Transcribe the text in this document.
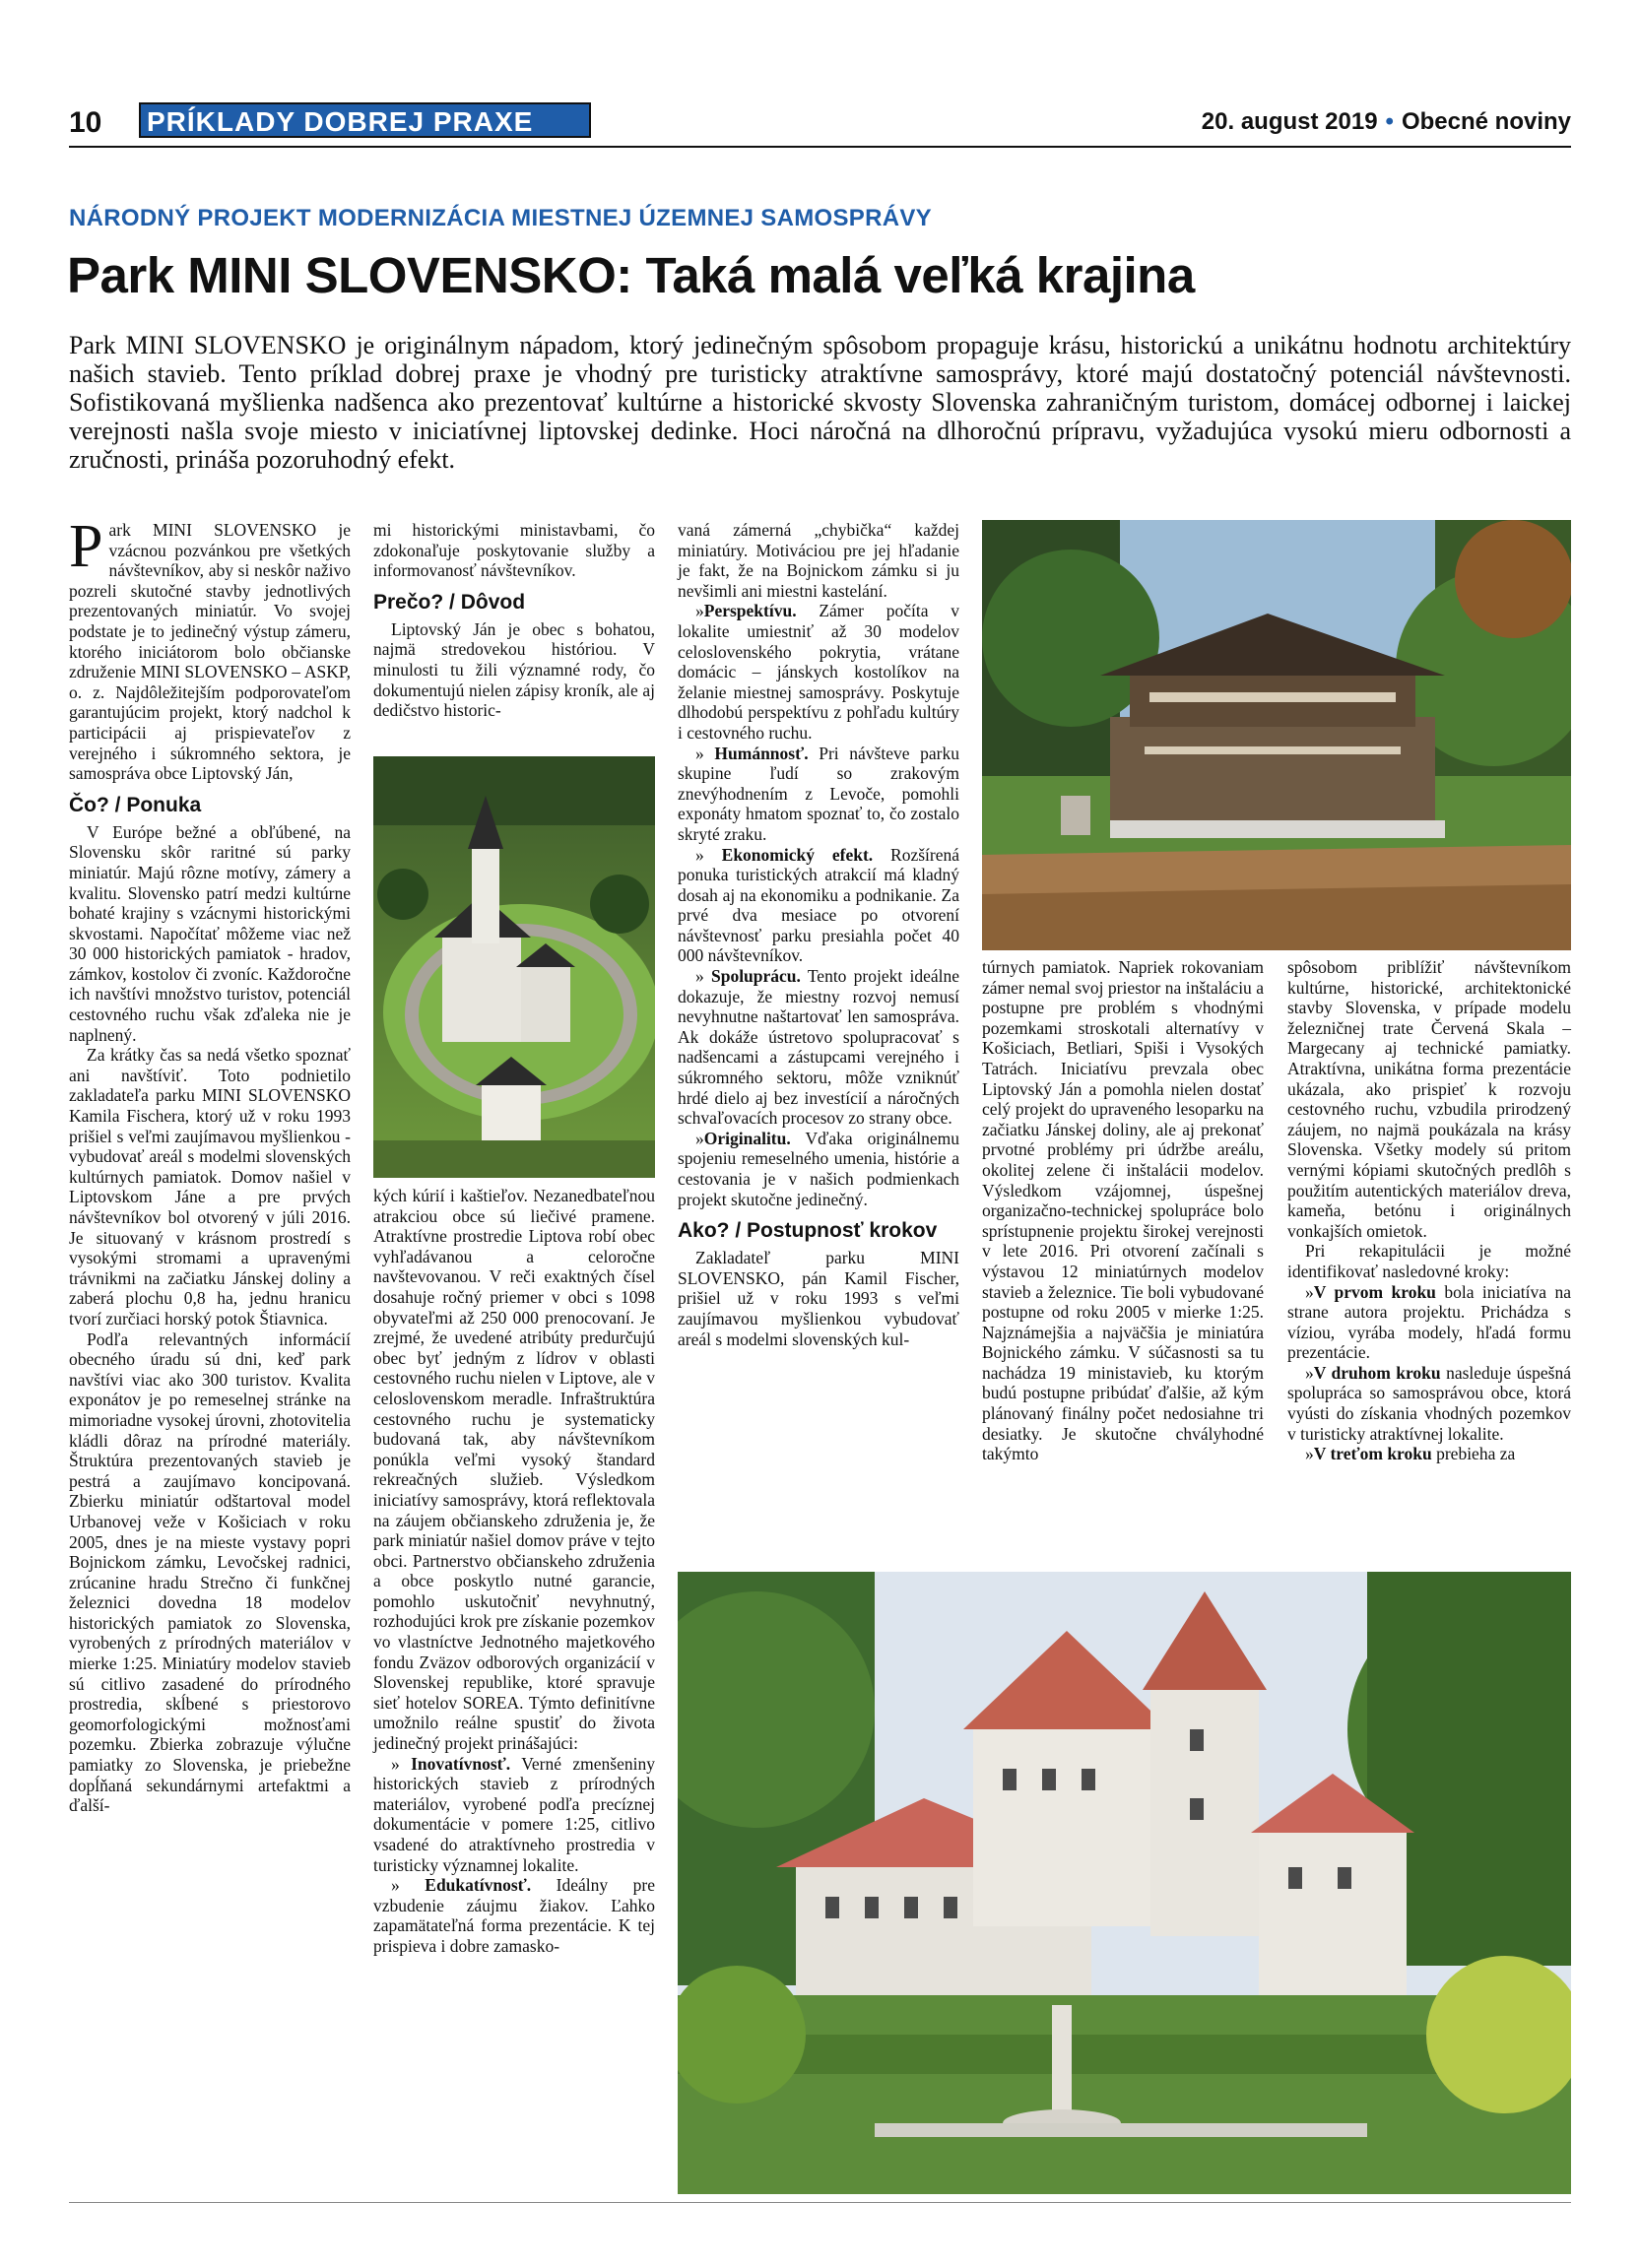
10 PRÍKLADY DOBREJ PRAXE	20. august 2019 • Obecné noviny
NÁRODNÝ PROJEKT MODERNIZÁCIA MIESTNEJ ÚZEMNEJ SAMOSPRÁVY
Park MINI SLOVENSKO: Taká malá veľká krajina
Park MINI SLOVENSKO je originálnym nápadom, ktorý jedinečným spôsobom propaguje krásu, historickú a unikátnu hodnotu architektúry našich stavieb. Tento príklad dobrej praxe je vhodný pre turisticky atraktívne samosprávy, ktoré majú dostatočný potenciál návštevnosti. Sofistikovaná myšlienka nadšenca ako prezentovať kultúrne a historické skvosty Slovenska zahraničným turistom, domácej odbornej i laickej verejnosti našla svoje miesto v iniciatívnej liptovskej dedinke. Hoci náročná na dlhoročnú prípravu, vyžadujúca vysokú mieru odbornosti a zručnosti, prináša pozoruhodný efekt.

Park MINI SLOVENSKO je vzácnou pozvánkou pre všetkých návštevníkov, aby si neskôr naživo pozreli skutočné stavby jednotlivých prezentovaných miniatúr. Vo svojej podstate je to jedinečný výstup zámeru, ktorého iniciátorom bolo občianske združenie MINI SLOVENSKO – ASKP, o. z. Najdôležitejším podporovateľom garantujúcim projekt, ktorý nadchol k participácii aj prispievateľov z verejného i súkromného sektora, je samospráva obce Liptovský Ján,

Čo? / Ponuka

V Európe bežné a obľúbené, na Slovensku skôr raritné sú parky miniatúr. Majú rôzne motívy, zámery a kvalitu. Slovensko patrí medzi kultúrne bohaté krajiny s vzácnymi historickými skvostami. Napočítať môžeme viac než 30 000 historických pamiatok - hradov, zámkov, kostolov či zvoníc. Každoročne ich navštívi množstvo turistov, potenciál cestovného ruchu však zďaleka nie je naplnený.

Za krátky čas sa nedá všetko spoznať ani navštíviť. Toto podnietilo zakladateľa parku MINI SLOVENSKO Kamila Fischera, ktorý už v roku 1993 prišiel s veľmi zaujímavou myšlienkou - vybudovať areál s modelmi slovenských kultúrnych pamiatok. Domov našiel v Liptovskom Jáne a pre prvých návštevníkov bol otvorený v júli 2016. Je situovaný v krásnom prostredí s vysokými stromami a upravenými trávnikmi na začiatku Jánskej doliny a zaberá plochu 0,8 ha, jednu hranicu tvorí zurčiaci horský potok Štiavnica.

Podľa relevantných informácií obecného úradu sú dni, keď park navštívi viac ako 300 turistov. Kvalita exponátov je po remeselnej stránke na mimoriadne vysokej úrovni, zhotovitelia kládli dôraz na prírodné materiály. Štruktúra prezentovaných stavieb je pestrá a zaujímavo koncipovaná. Zbierku miniatúr odštartoval model Urbanovej veže v Košiciach v roku 2005, dnes je na mieste vystavy popri Bojnickom zámku, Levočskej radnici, zrúcanine hradu Strečno či funkčnej železnici dovedna 18 modelov historických pamiatok zo Slovenska, vyrobených z prírodných materiálov v mierke 1:25. Miniatúry modelov stavieb sú citlivo zasadené do prírodného prostredia, skĺbené s priestorovo geomorfologickými možnosťami pozemku. Zbierka zobrazuje výlučne pamiatky zo Slovenska, je priebežne dopĺňaná sekundárnymi artefaktmi a ďalší-

mi historickými ministavbami, čo zdokonaľuje poskytovanie služby a informovanosť návštevníkov.

Prečo? / Dôvod

Liptovský Ján je obec s bohatou, najmä stredovekou históriou. V minulosti tu žili významné rody, čo dokumentujú nielen zápisy kroník, ale aj dedičstvo historic-

kých kúrií i kaštieľov. Nezanedbateľnou atrakciou obce sú liečivé pramene. Atraktívne prostredie Liptova robí obec vyhľadávanou a celoročne navštevovanou. V reči exaktných čísel dosahuje ročný priemer v obci s 1098 obyvateľmi až 250 000 prenocovaní. Je zrejmé, že uvedené atribúty predurčujú obec byť jedným z lídrov v oblasti cestovného ruchu nielen v Liptove, ale v celoslovenskom meradle. Infraštruktúra cestovného ruchu je systematicky budovaná tak, aby návštevníkom ponúkla veľmi vysoký štandard rekreačných služieb. Výsledkom iniciatívy samosprávy, ktorá reflektovala na záujem občianskeho združenia je, že park miniatúr našiel domov práve v tejto obci. Partnerstvo občianskeho združenia a obce poskytlo nutné garancie, pomohlo uskutočniť nevyhnutný, rozhodujúci krok pre získanie pozemkov vo vlastníctve Jednotného majetkového fondu Zväzov odborových organizácií v Slovenskej republike, ktoré spravuje sieť hotelov SOREA. Týmto definitívne umožnilo reálne spustiť do života jedinečný projekt prinášajúci:

» Inovatívnosť. Verné zmenšeniny historických stavieb z prírodných materiálov, vyrobené podľa precíznej dokumentácie v pomere 1:25, citlivo vsadené do atraktívneho prostredia v turisticky významnej lokalite.

» Edukatívnosť. Ideálny pre vzbudenie záujmu žiakov. Ľahko zapamätateľná forma prezentácie. K tej prispieva i dobre zamasko-

vaná zámerná „chybička“ každej miniatúry. Motiváciou pre jej hľadanie je fakt, že na Bojnickom zámku si ju nevšimli ani miestni kastelání.

»Perspektívu. Zámer počíta v lokalite umiestniť až 30 modelov celoslovenského pokrytia, vrátane domácic – jánskych kostolíkov na želanie miestnej samosprávy. Poskytuje dlhodobú perspektívu z pohľadu kultúry i cestovného ruchu.

» Humánnosť. Pri návšteve parku skupine ľudí so zrakovým znevýhodnením z Levoče, pomohli exponáty hmatom spoznať to, čo zostalo skryté zraku.

» Ekonomický efekt. Rozšírená ponuka turistických atrakcií má kladný dosah aj na ekonomiku a podnikanie. Za prvé dva mesiace po otvorení návštevnosť parku presiahla počet 40 000 návštevníkov.

» Spoluprácu. Tento projekt ideálne dokazuje, že miestny rozvoj nemusí nevyhnutne naštartovať len samospráva. Ak dokáže ústretovo spolupracovať s nadšencami a zástupcami verejného i súkromného sektoru, môže vzniknúť hrdé dielo aj bez investícií a náročných schvaľovacích procesov zo strany obce.

»Originalitu. Vďaka originálnemu spojeniu remeselného umenia, histórie a cestovania je v našich podmienkach projekt skutočne jedinečný.

Ako? / Postupnosť krokov

Zakladateľ parku MINI SLOVENSKO, pán Kamil Fischer, prišiel už v roku 1993 s veľmi zaujímavou myšlienkou vybudovať areál s modelmi slovenských kul-

túrnych pamiatok. Napriek rokovaniam zámer nemal svoj priestor na inštaláciu a postupne pre problém s vhodnými pozemkami stroskotali alternatívy v Košiciach, Betliari, Spiši i Vysokých Tatrách. Iniciatívu prevzala obec Liptovský Ján a pomohla nielen dostať celý projekt do upraveného lesoparku na začiatku Jánskej doliny, ale aj prekonať prvotné problémy pri údržbe areálu, okolitej zelene či inštalácii modelov. Výsledkom vzájomnej, úspešnej organizačno-technickej spolupráce bolo sprístupnenie projektu širokej verejnosti v lete 2016. Pri otvorení začínali s výstavou 12 miniatúrnych modelov stavieb a železnice. Tie boli vybudované postupne od roku 2005 v mierke 1:25. Najznámejšia a najväčšia je miniatúra Bojnického zámku. V súčasnosti sa tu nachádza 19 ministavieb, ku ktorým budú postupne pribúdať ďalšie, až kým plánovaný finálny počet nedosiahne tri desiatky. Je skutočne chvályhodné takýmto

spôsobom priblížiť návštevníkom kultúrne, historické, architektonické stavby Slovenska, v prípade modelu železničnej trate Červená Skala – Margecany aj technické pamiatky. Atraktívna, unikátna forma prezentácie ukázala, ako prispieť k rozvoju cestovného ruchu, vzbudila prirodzený záujem, no najmä poukázala na krásy Slovenska. Všetky modely sú pritom vernými kópiami skutočných predlôh s použitím autentických materiálov dreva, kameňa, betónu i originálnych vonkajších omietok.

Pri rekapitulácii je možné identifikovať nasledovné kroky:

»V prvom kroku bola iniciatíva na strane autora projektu. Prichádza s víziou, vyrába modely, hľadá formu prezentácie.

»V druhom kroku nasleduje úspešná spolupráca so samosprávou obce, ktorá vyústi do získania vhodných pozemkov v turisticky atraktívnej lokalite.

»V treťom kroku prebieha za
